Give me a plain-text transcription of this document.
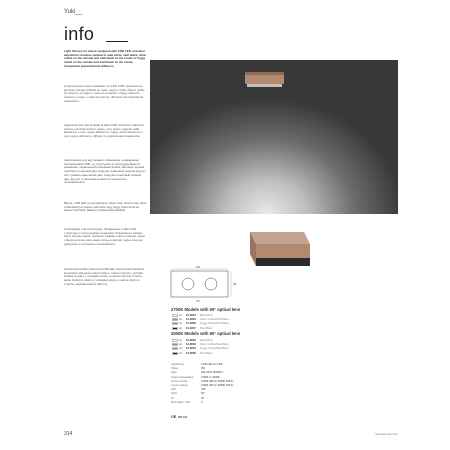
Yuki__
info

Light fixtures for indoor equipped with COB LED, extruded aluminium structure painted in matt white, matt black, silver coffee on the outside and matt black on the inside or foggy nickel on the outside and matt black on the inside, transparent polycarbonate diffusers.

Corpos pintura interior acaipado con LED COB, estructura de aluminio extruido pintado en mate, negro o mate, blanco coffee (lo exterior), la negro o mate en el interior o foggy nickel (lo exterior) y negro o mate (lo interno), difusores de policarbonat transparent.

Apparecchi per interni dotati di LED COB, struttura in alluminio estruso verniciato bianco opaco, nero opaco, argento caffè all'esterno e nero opaco all'interno o foggy nickel all'esterno e nero opaco all'interno, diffusori in policarbonato trasparente.

Светильники для внутреннего освещения, оснащенные светодиодами COB, со структурой из экструдированного алюминия, окрашенной в матовый белый, матовый черный, серебристо-черный цвет снаружи и матовый черный внутри или туманно-никелевый цвет снаружи и матовый черный цвет внутри, и рассеивателями из прозрачного поликарбоната.

Belets, COB LED na stropaloszek, felvet matt, feketa matt, silver coffee(kivül) és fekete matt belül vagy foggy nickel kívül és fekete matt belül, átlátszó polikarbonát búrakkal.

Освітлювачі тіла за інтер'єру, обладнання с LED COB, структура от екструдовани алуминий, боядисани в матово бяло, матово черно, сребрист кафяво отвън и матово черно отвътре или мъгляво никел отвън и матово черно отвътре, дифузори от прозрачен поликарбонат.

Interiérová svítidla vybavená COB LED, extrudovaná hliníková konstrukce lakovaná matnou bielou, matnou čiernou, na farbe striebornej kávy z vonkajšej strany a matnou čiernou zvnútra alebo hmlistým niklom z vonkajšej strany a matnou čiernou zvnútra, polykarbonátové difúzory.

151
65
65
2700K Models with 60° optical lens
art.	10-8334	Matt White
art.	10-8335	Silver Coffee/Matt Black
art.	10-8336	Foggy Nickel/Matt Black
art.	10-8337	Matt Black
3000K Models with 60° optical lens
art.	10-8662	Matt White
art.	10-8663	Silver Coffee/Matt Black
art.	10-8664	Foggy Nickel/Matt Black
art.	10-8665	Matt Black
Lightsource	COB LED 2x 4,5W
Power	9W
Input	220-240V 50/60Hz
Colour temperature	2700K or 3000K
Lumen source	2700K 480 lm 3000K 640 lm
Lumen system	2700K 300 lm 3000K 400 lm
CRI	>80
Optic	60°
IP	20
Dimmable / Triac	✗
CE UK CA
314	nowodvorski.com
